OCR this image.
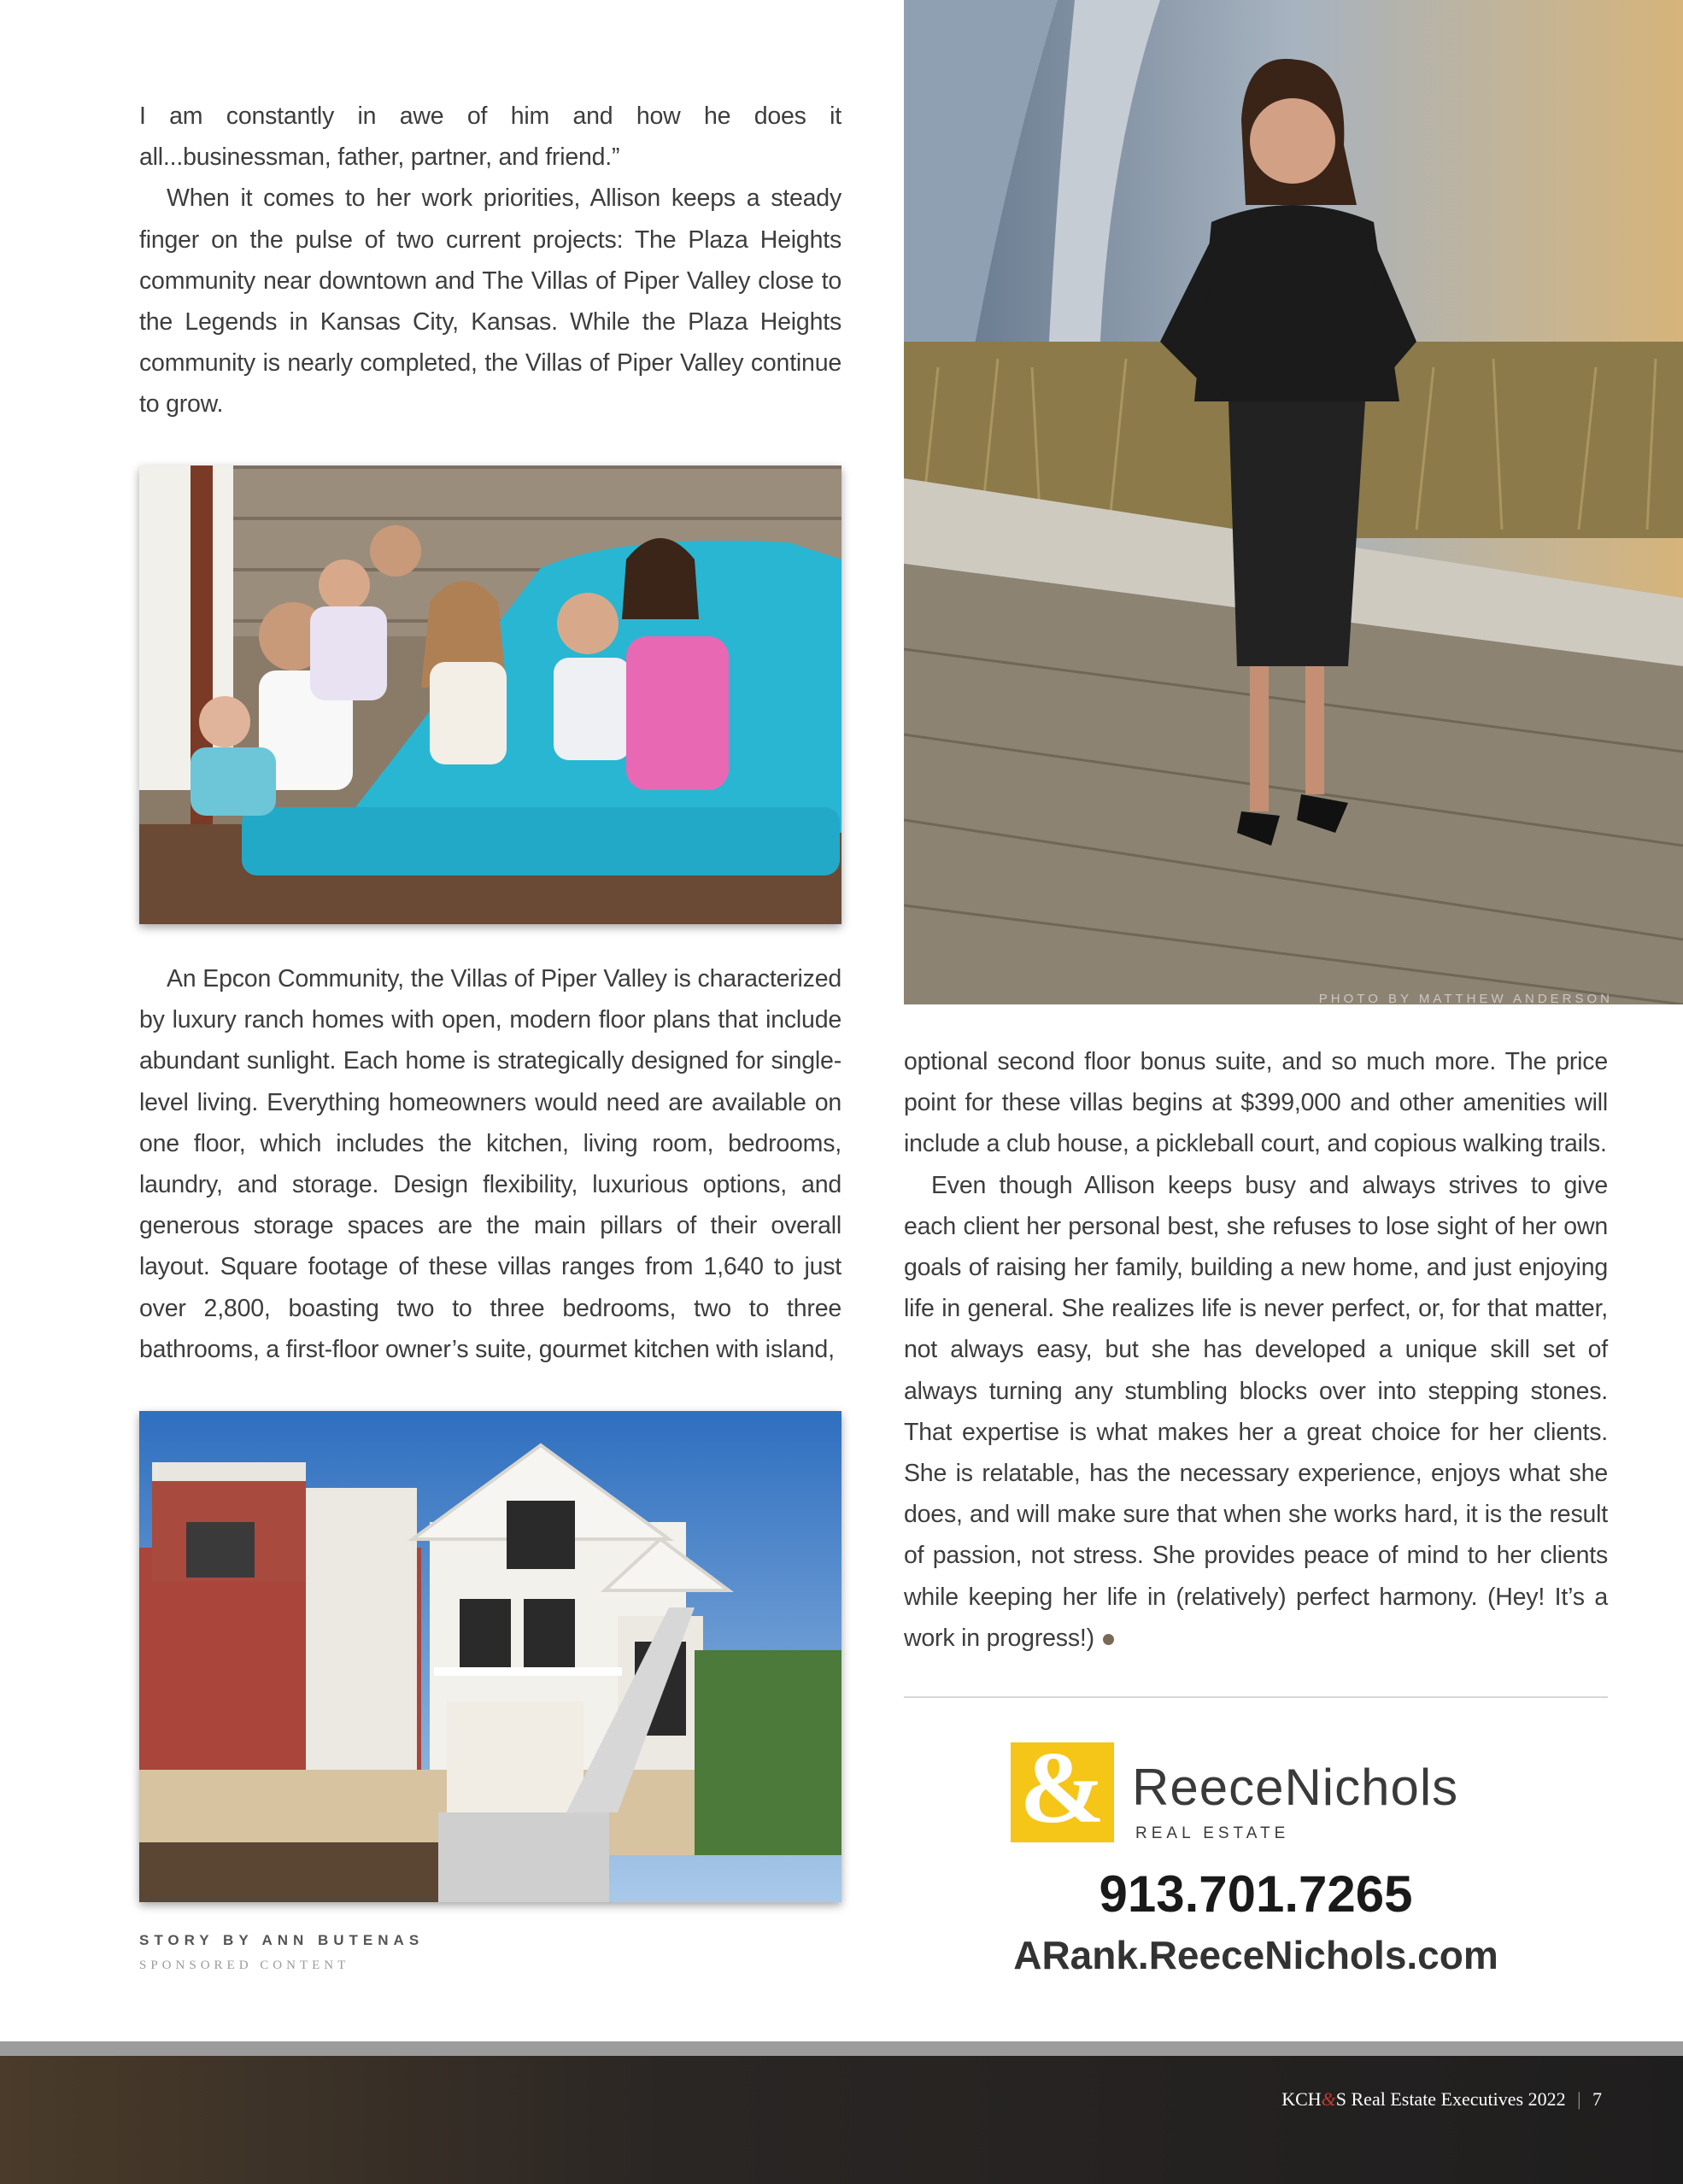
I am constantly in awe of him and how he does it all...businessman, father, partner, and friend.”

When it comes to her work priorities, Allison keeps a steady finger on the pulse of two current projects: The Plaza Heights community near downtown and The Villas of Piper Valley close to the Legends in Kansas City, Kansas. While the Plaza Heights community is nearly completed, the Villas of Piper Valley continue to grow.

An Epcon Community, the Villas of Piper Valley is characterized by luxury ranch homes with open, modern floor plans that include abundant sunlight. Each home is strategically designed for single-level living. Everything homeowners would need are available on one floor, which includes the kitchen, living room, bedrooms, laundry, and storage. Design flexibility, luxurious options, and generous storage spaces are the main pillars of their overall layout. Square footage of these villas ranges from 1,640 to just over 2,800, boasting two to three bedrooms, two to three bathrooms, a first-floor owner’s suite, gourmet kitchen with island,

STORY BY ANN BUTENAS
SPONSORED CONTENT
PHOTO BY MATTHEW ANDERSON

optional second floor bonus suite, and so much more. The price point for these villas begins at $399,000 and other amenities will include a club house, a pickleball court, and copious walking trails.

Even though Allison keeps busy and always strives to give each client her personal best, she refuses to lose sight of her own goals of raising her family, building a new home, and just enjoying life in general. She realizes life is never perfect, or, for that matter, not always easy, but she has developed a unique skill set of always turning any stumbling blocks over into stepping stones. That expertise is what makes her a great choice for her clients. She is relatable, has the necessary experience, enjoys what she does, and will make sure that when she works hard, it is the result of passion, not stress. She provides peace of mind to her clients while keeping her life in (relatively) perfect harmony. (Hey! It’s a work in progress!)

& ReeceNichols
REAL ESTATE
913.701.7265
ARank.ReeceNichols.com
KCH&S Real Estate Executives 2022 | 7
